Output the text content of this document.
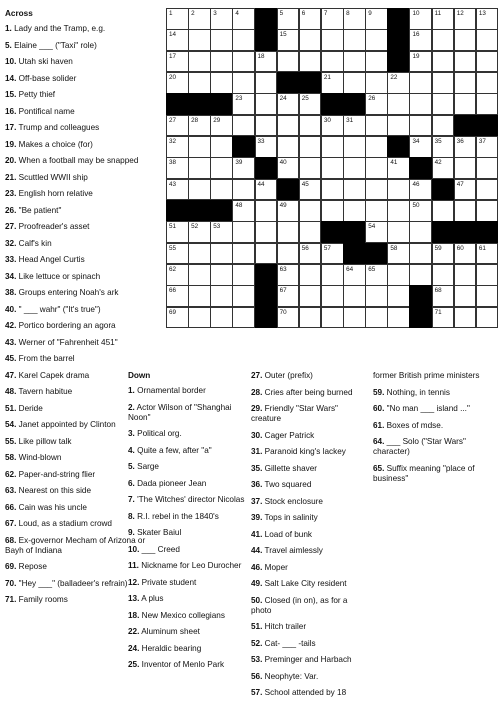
Across
1. Lady and the Tramp, e.g.
5. Elaine ___ ("Taxi" role)
10. Utah ski haven
14. Off-base solider
15. Petty thief
16. Pontifical name
17. Trump and colleagues
19. Makes a choice (for)
20. When a football may be snapped
21. Scuttled WWII ship
23. English horn relative
26. "Be patient"
27. Proofreader's asset
32. Calf's kin
33. Head Angel Curtis
34. Like lettuce or spinach
38. Groups entering Noah's ark
40. " ___ wahr" ("It's true")
42. Portico bordering an agora
43. Werner of "Fahrenheit 451"
45. From the barrel
47. Karel Capek drama
48. Tavern habitue
51. Deride
54. Janet appointed by Clinton
55. Like pillow talk
58. Wind-blown
62. Paper-and-string flier
63. Nearest on this side
66. Cain was his uncle
67. Loud, as a stadium crowd
68. Ex-governor Mecham of Arizona or Bayh of Indiana
69. Repose
70. "Hey ___" (balladeer's refrain)
71. Family rooms
Down
1. Ornamental border
2. Actor Wilson of "Shanghai Noon"
3. Political org.
4. Quite a few, after "a"
5. Sarge
6. Dada pioneer Jean
7. 'The Witches' director Nicolas
8. R.I. rebel in the 1840's
9. Skater Baiul
10. ___ Creed
11. Nickname for Leo Durocher
12. Private student
13. A plus
18. New Mexico collegians
22. Aluminum sheet
24. Heraldic bearing
25. Inventor of Menlo Park
27. Outer (prefix)
28. Cries after being burned
29. Friendly "Star Wars" creature
30. Cager Patrick
31. Paranoid king's lackey
35. Gillette shaver
36. Two squared
37. Stock enclosure
39. Tops in salinity
41. Load of bunk
44. Travel aimlessly
46. Moper
49. Salt Lake City resident
50. Closed (in on), as for a photo
51. Hitch trailer
52. Cat- ___ -tails
53. Preminger and Harbach
56. Neophyte: Var.
57. School attended by 18
former British prime ministers
59. Nothing, in tennis
60. "No man ___ island ..."
61. Boxes of mdse.
64. ___ Solo ("Star Wars" character)
65. Suffix meaning "place of business"
1	2	3	4	5	6	7	8	9	10 11 12 13
14	15	16
17	18	19
20	21	22
23	24 25	26
27 28 29	30 31
32	33	34 35 36 37
38	39	40	41	42
43	44	45	46	47
48	49	50
51 52 53	54
55	56 57	58	59 60 61
62	63	64 65
66	67	68
69	70	71
